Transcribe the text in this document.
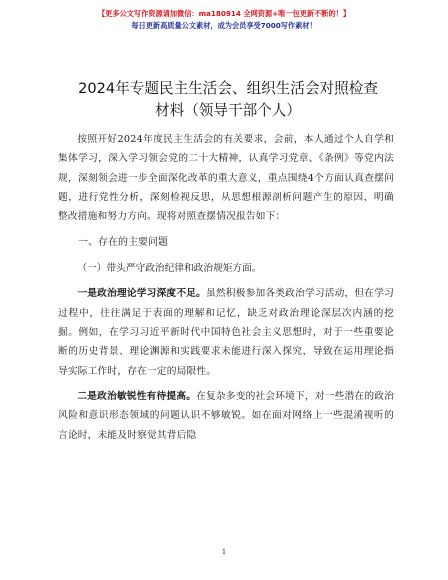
【更多公文写作资源请加微信：ma180914 全网资源+唯一包更新不断的！】
每日更新高质量公文素材，成为会员享受7000写作素材！
2024年专题民主生活会、组织生活会对照检查
材料（领导干部个人）

按照开好2024年度民主生活会的有关要求，会前，本人通过个人自学和集体学习，深入学习领会党的二十大精神，认真学习党章、《条例》等党内法规，深刻领会进一步全面深化改革的重大意义，重点围绕4个方面认真查摆问题，进行党性分析，深刻检视反思，从思想根源剖析问题产生的原因，明确整改措施和努力方向。现将对照查摆情况报告如下：

一、存在的主要问题
（一）带头严守政治纪律和政治规矩方面。

一是政治理论学习深度不足。虽然积极参加各类政治学习活动，但在学习过程中，往往满足于表面的理解和记忆，缺乏对政治理论深层次内涵的挖掘。例如，在学习习近平新时代中国特色社会主义思想时，对于一些重要论断的历史背景、理论渊源和实践要求未能进行深入探究，导致在运用理论指导实际工作时，存在一定的局限性。

二是政治敏锐性有待提高。在复杂多变的社会环境下，对一些潜在的政治风险和意识形态领域的问题认识不够敏锐。如在面对网络上一些混淆视听的言论时，未能及时察觉其背后隐

1
